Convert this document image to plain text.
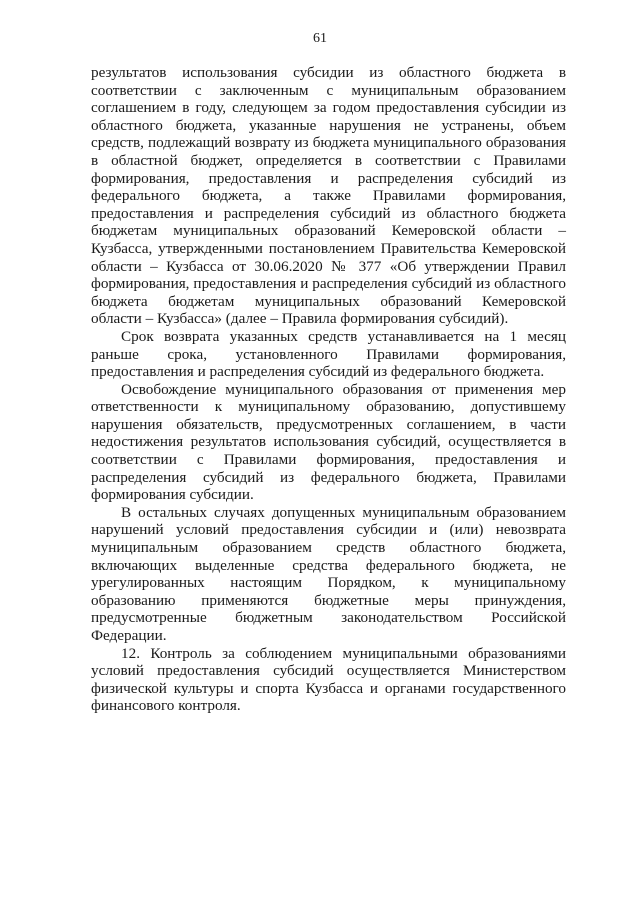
61
результатов использования субсидии из областного бюджета в
соответствии с заключенным с муниципальным образованием
соглашением в году, следующем за годом предоставления субсидии из
областного бюджета, указанные нарушения не устранены, объем
средств, подлежащий возврату из бюджета муниципального образования
в областной бюджет, определяется в соответствии с Правилами
формирования, предоставления и распределения субсидий из
федерального бюджета, а также Правилами формирования,
предоставления и распределения субсидий из областного бюджета
бюджетам муниципальных образований Кемеровской области –
Кузбасса, утвержденными постановлением Правительства Кемеровской
области – Кузбасса от 30.06.2020 № 377 «Об утверждении Правил
формирования, предоставления и распределения субсидий из областного
бюджета бюджетам муниципальных образований Кемеровской
области – Кузбасса» (далее – Правила формирования субсидий).
Срок возврата указанных средств устанавливается на 1 месяц
раньше срока, установленного Правилами формирования,
предоставления и распределения субсидий из федерального бюджета.
Освобождение муниципального образования от применения мер
ответственности к муниципальному образованию, допустившему
нарушения обязательств, предусмотренных соглашением, в части
недостижения результатов использования субсидий, осуществляется в
соответствии с Правилами формирования, предоставления и
распределения субсидий из федерального бюджета, Правилами
формирования субсидии.
В остальных случаях допущенных муниципальным образованием
нарушений условий предоставления субсидии и (или) невозврата
муниципальным образованием средств областного бюджета,
включающих выделенные средства федерального бюджета, не
урегулированных настоящим Порядком, к муниципальному
образованию применяются бюджетные меры принуждения,
предусмотренные бюджетным законодательством Российской
Федерации.
12. Контроль за соблюдением муниципальными образованиями
условий предоставления субсидий осуществляется Министерством
физической культуры и спорта Кузбасса и органами государственного
финансового контроля.
